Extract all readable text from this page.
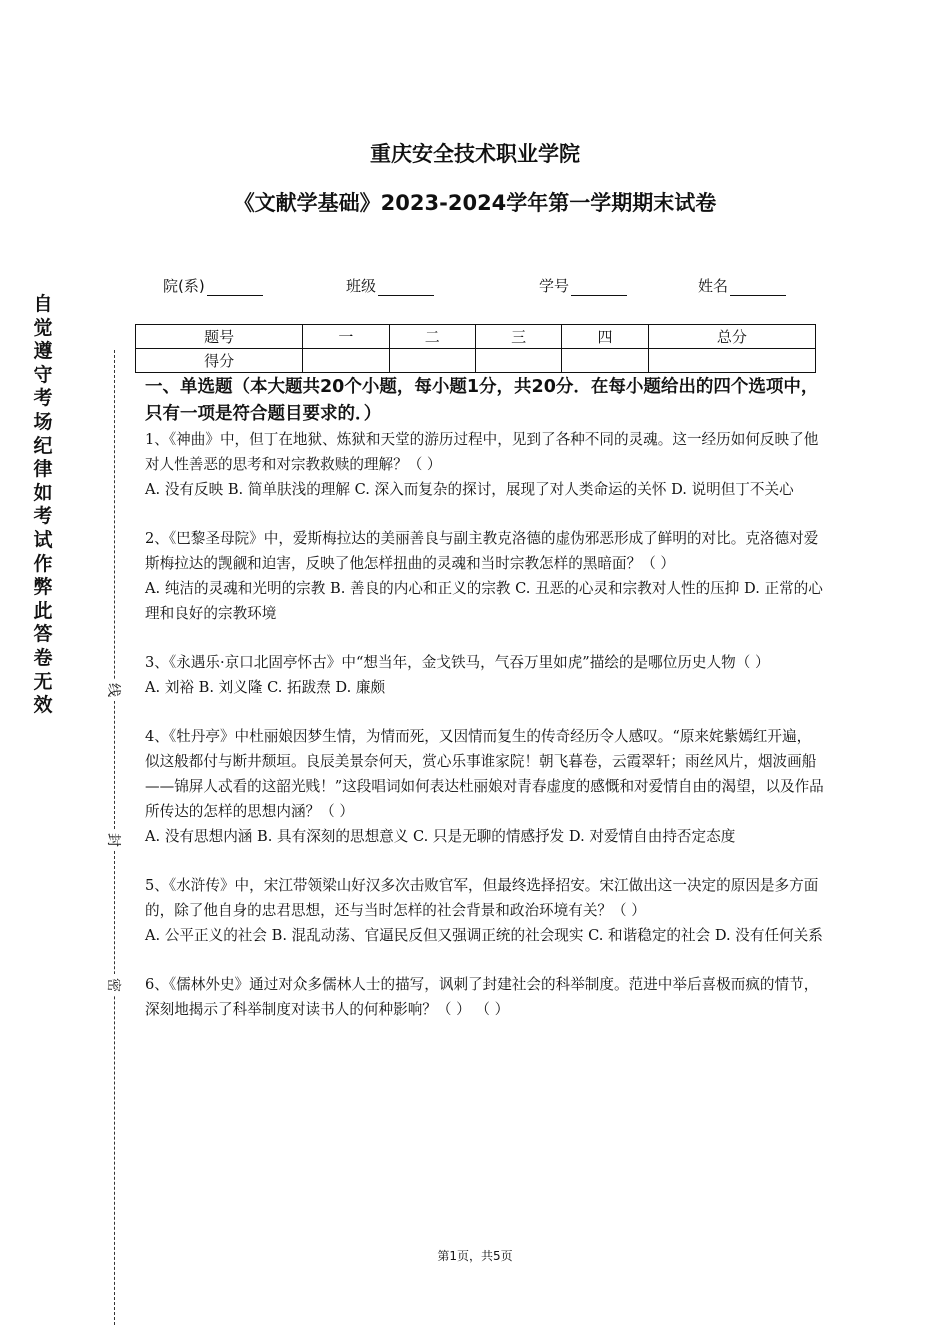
重庆安全技术职业学院
《文献学基础》2023-2024学年第一学期期末试卷
院(系)	班级	学号	姓名
题号	一	二	三	四	总分
得分					
自觉遵守考场纪律如考试作弊此答卷无效
线
封
密
一、单选题（本大题共20个小题，每小题1分，共20分．在每小题给出的四个选项中，只有一项是符合题目要求的．）

1、《神曲》中，但丁在地狱、炼狱和天堂的游历过程中，见到了各种不同的灵魂。这一经历如何反映了他对人性善恶的思考和对宗教救赎的理解？（ ）

A. 没有反映 B. 简单肤浅的理解 C. 深入而复杂的探讨，展现了对人类命运的关怀 D. 说明但丁不关心

2、《巴黎圣母院》中，爱斯梅拉达的美丽善良与副主教克洛德的虚伪邪恶形成了鲜明的对比。克洛德对爱斯梅拉达的觊觎和迫害，反映了他怎样扭曲的灵魂和当时宗教怎样的黑暗面？（ ）

A. 纯洁的灵魂和光明的宗教 B. 善良的内心和正义的宗教 C. 丑恶的心灵和宗教对人性的压抑 D. 正常的心理和良好的宗教环境

3、《永遇乐·京口北固亭怀古》中“想当年，金戈铁马，气吞万里如虎”描绘的是哪位历史人物（ ）

A. 刘裕 B. 刘义隆 C. 拓跋焘 D. 廉颇

4、《牡丹亭》中杜丽娘因梦生情，为情而死，又因情而复生的传奇经历令人感叹。“原来姹紫嫣红开遍，似这般都付与断井颓垣。良辰美景奈何天，赏心乐事谁家院！朝飞暮卷，云霞翠轩；雨丝风片，烟波画船——锦屏人忒看的这韶光贱！”这段唱词如何表达杜丽娘对青春虚度的感慨和对爱情自由的渴望，以及作品所传达的怎样的思想内涵？（ ）

A. 没有思想内涵 B. 具有深刻的思想意义 C. 只是无聊的情感抒发 D. 对爱情自由持否定态度

5、《水浒传》中，宋江带领梁山好汉多次击败官军，但最终选择招安。宋江做出这一决定的原因是多方面的，除了他自身的忠君思想，还与当时怎样的社会背景和政治环境有关？（ ）

A. 公平正义的社会 B. 混乱动荡、官逼民反但又强调正统的社会现实 C. 和谐稳定的社会 D. 没有任何关系

6、《儒林外史》通过对众多儒林人士的描写，讽刺了封建社会的科举制度。范进中举后喜极而疯的情节，深刻地揭示了科举制度对读书人的何种影响？（ ） （ ）

第1页，共5页
